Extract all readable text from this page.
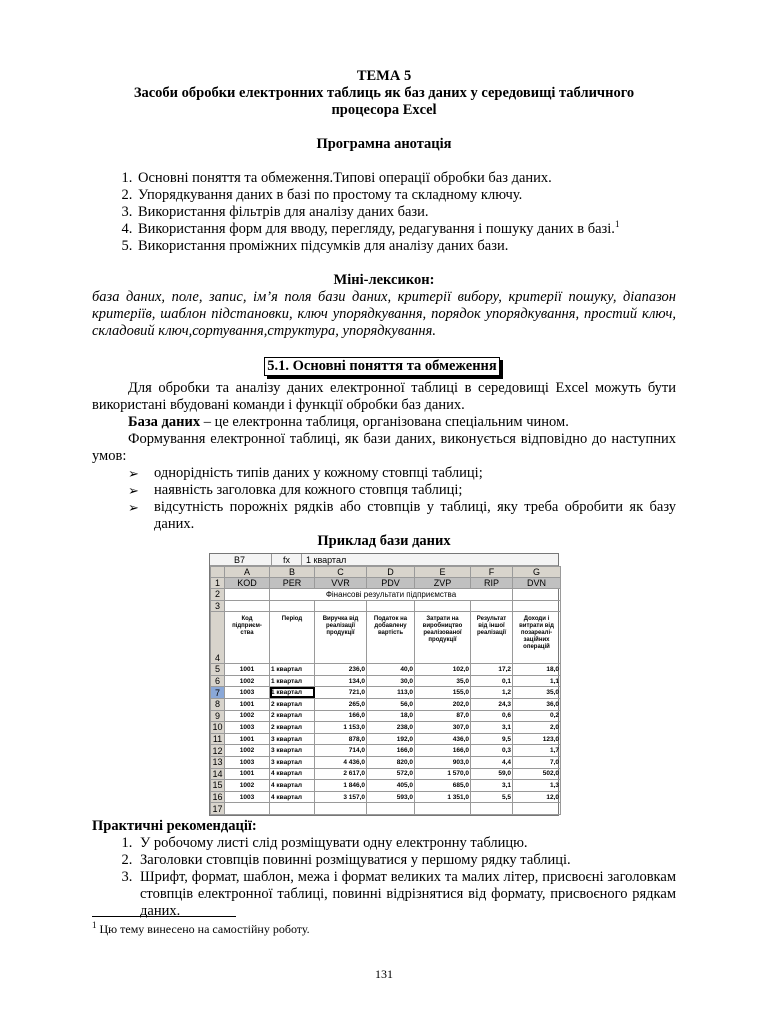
ТЕМА 5
Засоби обробки електронних таблиць як баз даних у середовищі табличного процесора Excel
Програмна анотація
1. Основні поняття та обмеження.Типові операції обробки баз даних.
2. Упорядкування даних в базі по простому та складному ключу.
3. Використання фільтрів для аналізу даних бази.
4. Використання форм для вводу, перегляду, редагування і пошуку даних в базі.$^1$
5. Використання проміжних підсумків для аналізу даних бази.
Міні-лексикон:
база даних, поле, запис, ім’я поля бази даних, критерії вибору, критерії пошуку, діапазон критеріїв, шаблон підстановки, ключ упорядкування, порядок упорядкування, простий ключ, складовий ключ,сортування,структура, упорядкування.
5.1. Основні поняття та обмеження
Для обробки та аналізу даних електронної таблиці в середовищі Excel можуть бути використані вбудовані команди і функції обробки баз даних.
База даних – це електронна таблиця, організована спеціальним чином.
Формування електронної таблиці, як бази даних, виконується відповідно до наступних умов:
➢ однорідність типів даних у кожному стовпці таблиці;
➢ наявність заголовка для кожного стовпця таблиці;
➢ відсутність порожніх рядків або стовпців у таблиці, яку треба обробити як базу даних.
Приклад бази даних
B7	fx	1 квартал
	A	B	C	D	E	F	G
1	KOD	PER	VVR	PDV	ZVP	RIP	DVN
2		Фінансові результати підприємства					
3							
4	Код підприєм-ства	Період	Виручка від реалізації продукції	Податок на добавлену вартість	Затрати на виробництво реалізованої продукції	Результат від іншої реалізації	Доходи і витрати від позареалі-заційних операцій
5	1001	1 квартал	236,0	40,0	102,0	17,2	18,0
6	1002	1 квартал	134,0	30,0	35,0	0,1	1,1
7	1003	1 квартал	721,0	113,0	155,0	1,2	35,0
8	1001	2 квартал	265,0	56,0	202,0	24,3	36,0
9	1002	2 квартал	166,0	18,0	87,0	0,6	0,2
10	1003	2 квартал	1 153,0	238,0	307,0	3,1	2,0
11	1001	3 квартал	878,0	192,0	436,0	9,5	123,0
12	1002	3 квартал	714,0	166,0	166,0	0,3	1,7
13	1003	3 квартал	4 436,0	820,0	903,0	4,4	7,0
14	1001	4 квартал	2 617,0	572,0	1 570,0	59,0	502,0
15	1002	4 квартал	1 846,0	405,0	685,0	3,1	1,3
16	1003	4 квартал	3 157,0	593,0	1 351,0	5,5	12,0
17							
Практичні рекомендації:
1. У робочому листі слід розміщувати одну електронну таблицю.
2. Заголовки стовпців повинні розміщуватися у першому рядку таблиці.
3. Шрифт, формат, шаблон, межа і формат великих та малих літер, присвоєні заголовкам стовпців електронної таблиці, повинні відрізнятися від формату, присвоєного рядкам даних.
$^1$ Цю тему винесено на самостійну роботу.
131
